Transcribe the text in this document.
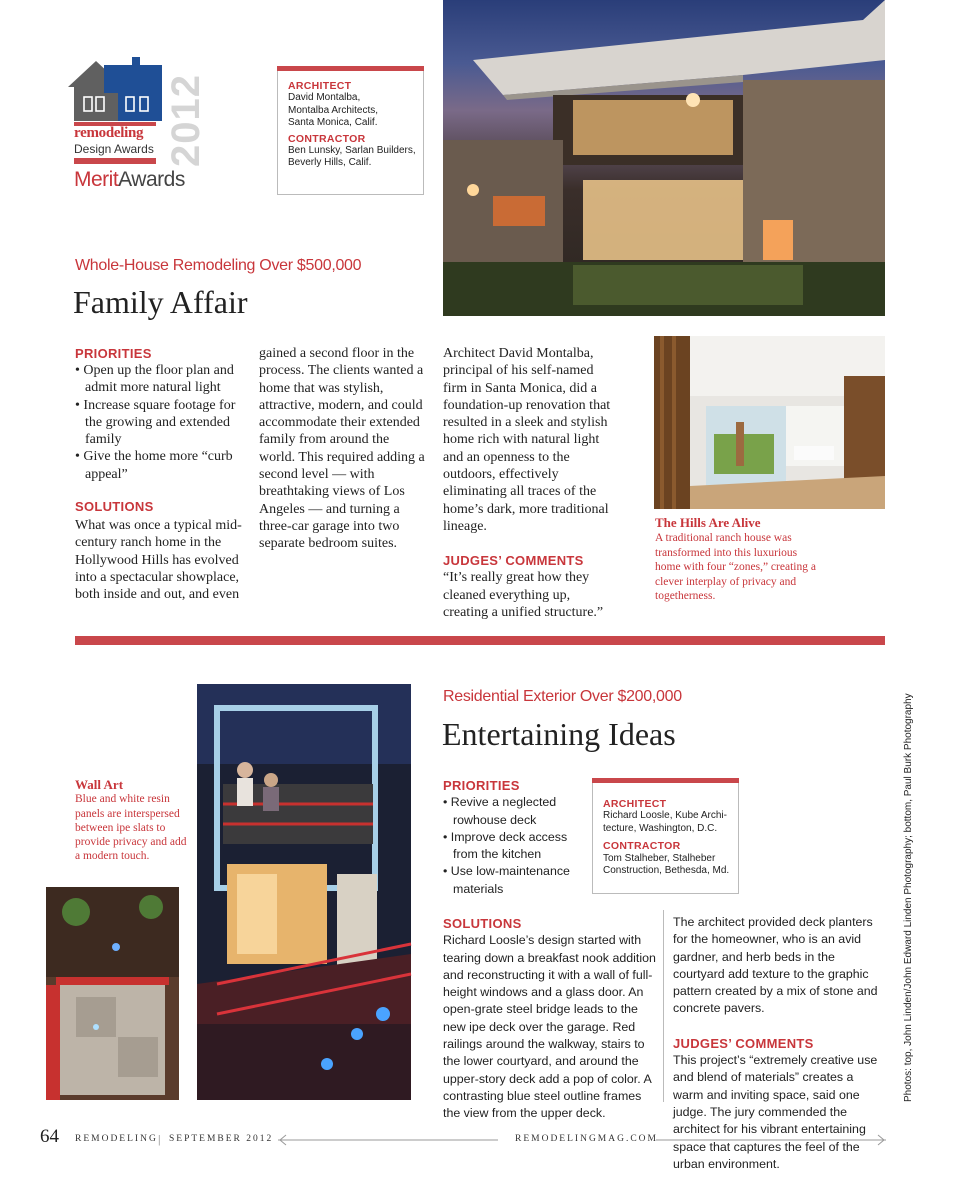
remodeling
Design Awards
MeritAwards
2012	ARCHITECT
David Montalba,
Montalba Architects,
Santa Monica, Calif.
CONTRACTOR
Ben Lunsky, Sarlan Builders,
Beverly Hills, Calif.
Whole-House Remodeling Over $500,000
Family Affair
PRIORITIES
• Open up the floor plan and admit more natural light
• Increase square footage for the growing and extended family
• Give the home more “curb appeal”
SOLUTIONS
What was once a typical mid-century ranch home in the Hollywood Hills has evolved into a spectacular showplace, both inside and out, and even
gained a second floor in the process. The clients wanted a home that was stylish, attractive, modern, and could accommodate their extended family from around the world. This required adding a second level — with breathtaking views of Los Angeles — and turning a three-car garage into two separate bedroom suites.
Architect David Montalba, principal of his self-named firm in Santa Monica, did a foundation-up renovation that resulted in a sleek and stylish home rich with natural light and an openness to the outdoors, effectively eliminating all traces of the home’s dark, more traditional lineage.
JUDGES’ COMMENTS
“It’s really great how they cleaned everything up, creating a unified structure.”
The Hills Are Alive
A traditional ranch house was transformed into this luxurious home with four “zones,” creating a clever interplay of privacy and togetherness.
Wall Art
Blue and white resin panels are interspersed between ipe slats to provide privacy and add a modern touch.
Residential Exterior Over $200,000
Entertaining Ideas
PRIORITIES
• Revive a neglected rowhouse deck
• Improve deck access from the kitchen
• Use low-maintenance materials
ARCHITECT
Richard Loosle, Kube Archi-
tecture, Washington, D.C.
CONTRACTOR
Tom Stalheber, Stalheber
Construction, Bethesda, Md.
SOLUTIONS
Richard Loosle’s design started with tearing down a breakfast nook addition and reconstructing it with a wall of full-height windows and a glass door. An open-grate steel bridge leads to the new ipe deck over the garage. Red railings around the walkway, stairs to the lower courtyard, and around the upper-story deck add a pop of color. A contrasting blue steel outline frames the view from the upper deck.
The architect provided deck planters for the homeowner, who is an avid gardner, and herb beds in the courtyard add texture to the graphic pattern created by a mix of stone and concrete pavers.
JUDGES’ COMMENTS
This project’s “extremely creative use and blend of materials” creates a warm and inviting space, said one judge. The jury commended the architect for his vibrant entertaining space that captures the feel of the urban environment.
Photos: top, John Linden/John Edward Linden Photography; bottom, Paul Burk Photography
64 REMODELING | SEPTEMBER 2012	REMODELINGMAG.COM
